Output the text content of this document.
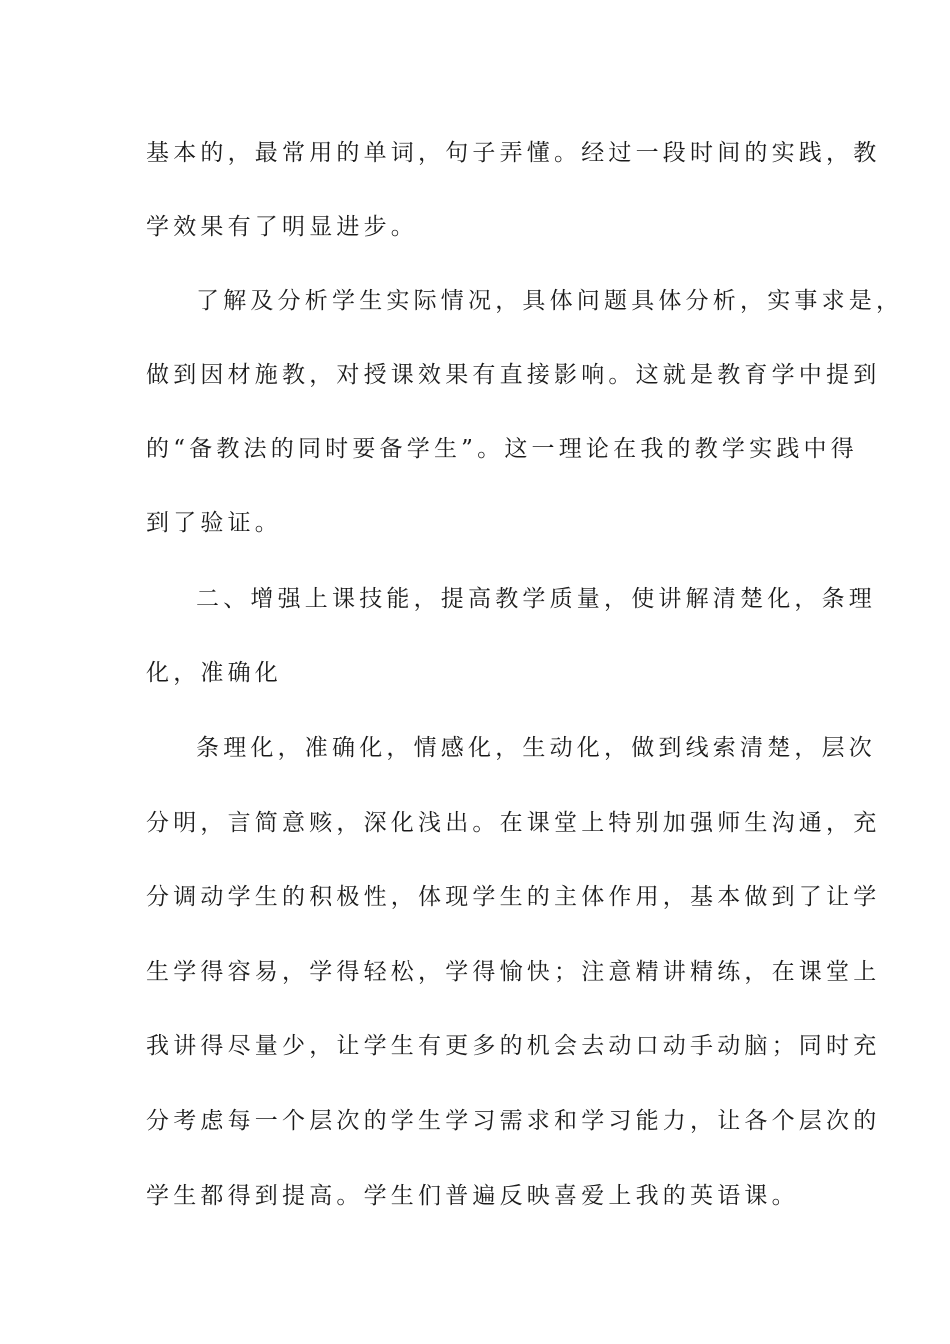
基本的，最常用的单词，句子弄懂。经过一段时间的实践，教
学效果有了明显进步。
了解及分析学生实际情况，具体问题具体分析，实事求是，
做到因材施教，对授课效果有直接影响。这就是教育学中提到
的“备教法的同时要备学生”。这一理论在我的教学实践中得
到了验证。
二、增强上课技能，提高教学质量，使讲解清楚化，条理
化，准确化
条理化，准确化，情感化，生动化，做到线索清楚，层次
分明，言简意赅，深化浅出。在课堂上特别加强师生沟通，充
分调动学生的积极性，体现学生的主体作用，基本做到了让学
生学得容易，学得轻松，学得愉快；注意精讲精练，在课堂上
我讲得尽量少，让学生有更多的机会去动口动手动脑；同时充
分考虑每一个层次的学生学习需求和学习能力，让各个层次的
学生都得到提高。学生们普遍反映喜爱上我的英语课。
